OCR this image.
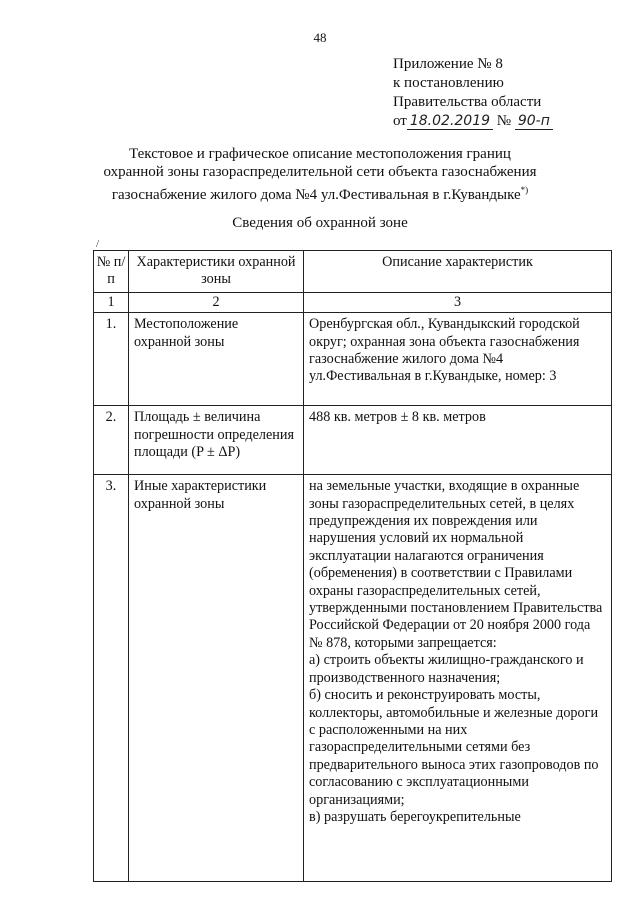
48
Приложение № 8
к постановлению
Правительства области
от 18.02.2019 № 90-п
Текстовое и графическое описание местоположения границ
охранной зоны газораспределительной сети объекта газоснабжения
газоснабжение жилого дома №4 ул.Фестивальная в г.Кувандыке*)
Сведения об охранной зоне
/
№ п/п	Характеристики охранной зоны	Описание характеристик
1	2	3
1.	Местоположение охранной зоны	Оренбургская обл., Кувандыкский городской округ; охранная зона объекта газоснабжения газоснабжение жилого дома №4 ул.Фестивальная в г.Кувандыке, номер: 3
2.	Площадь ± величина погрешности определения площади (P ± ΔP)	488 кв. метров ± 8 кв. метров
3.	Иные характеристики охранной зоны	на земельные участки, входящие в охранные зоны газораспределительных сетей, в целях предупреждения их повреждения или нарушения условий их нормальной эксплуатации налагаются ограничения (обременения) в соответствии с Правилами охраны газораспределительных сетей, утвержденными постановлением Правительства Российской Федерации от 20 ноября 2000 года № 878, которыми запрещается:
а) строить объекты жилищно-гражданского и производственного назначения;
б) сносить и реконструировать мосты, коллекторы, автомобильные и железные дороги с расположенными на них газораспределительными сетями без предварительного выноса этих газопроводов по согласованию с эксплуатационными организациями;
в) разрушать берегоукрепительные
